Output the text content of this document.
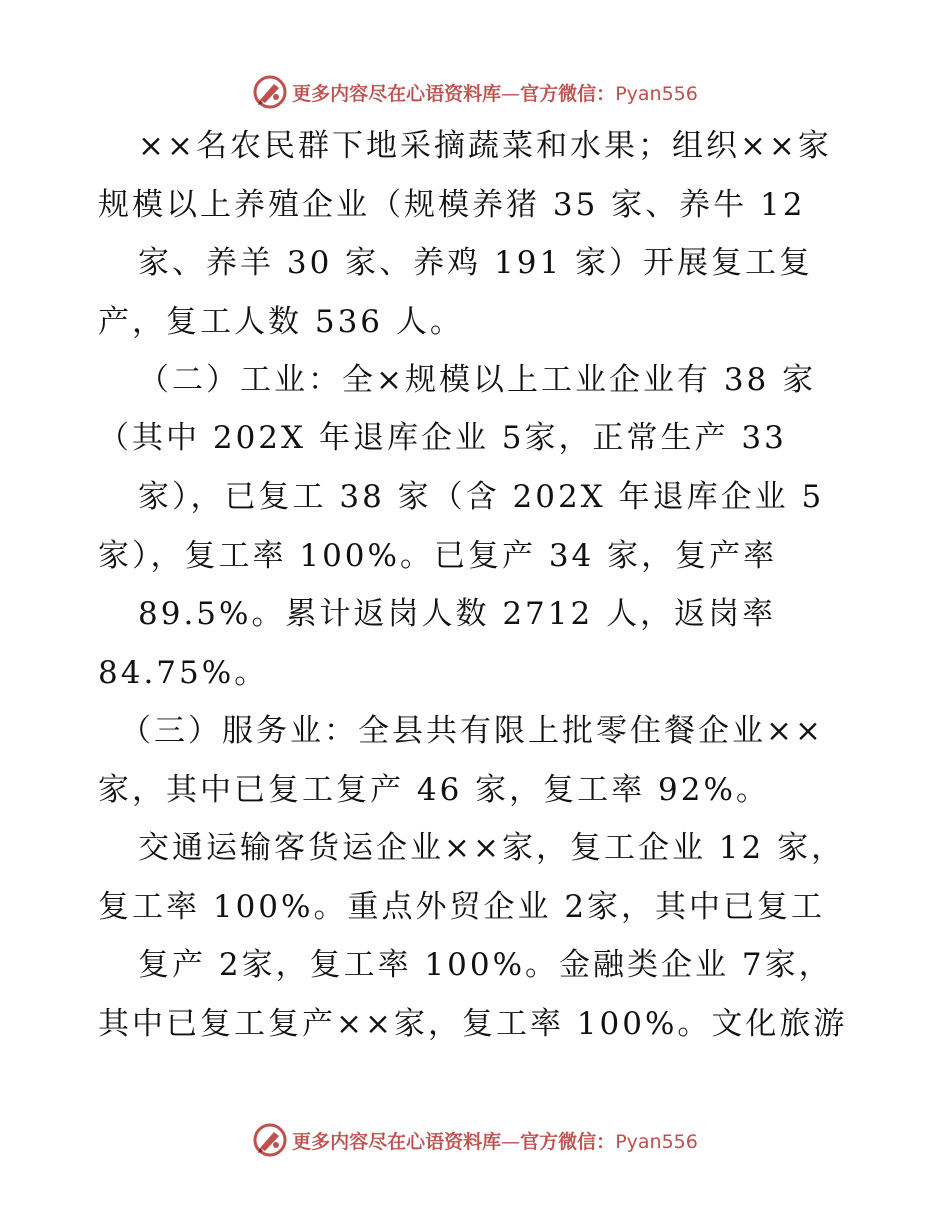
更多内容尽在心语资料库—官方微信：Pyan556
××名农民群下地采摘蔬菜和水果；组织××家
规模以上养殖企业（规模养猪 35 家、养牛 12
家、养羊 30 家、养鸡 191 家）开展复工复
产，复工人数 536 人。
（二）工业：全×规模以上工业企业有 38 家
（其中 202X 年退库企业 5家，正常生产 33
家），已复工 38 家（含 202X 年退库企业 5
家），复工率 100%。已复产 34 家，复产率
89.5%。累计返岗人数 2712 人，返岗率
84.75%。
（三）服务业：全县共有限上批零住餐企业××
家，其中已复工复产 46 家，复工率 92%。
交通运输客货运企业××家，复工企业 12 家，
复工率 100%。重点外贸企业 2家，其中已复工
复产 2家，复工率 100%。金融类企业 7家，
其中已复工复产××家，复工率 100%。文化旅游
更多内容尽在心语资料库—官方微信：Pyan556
